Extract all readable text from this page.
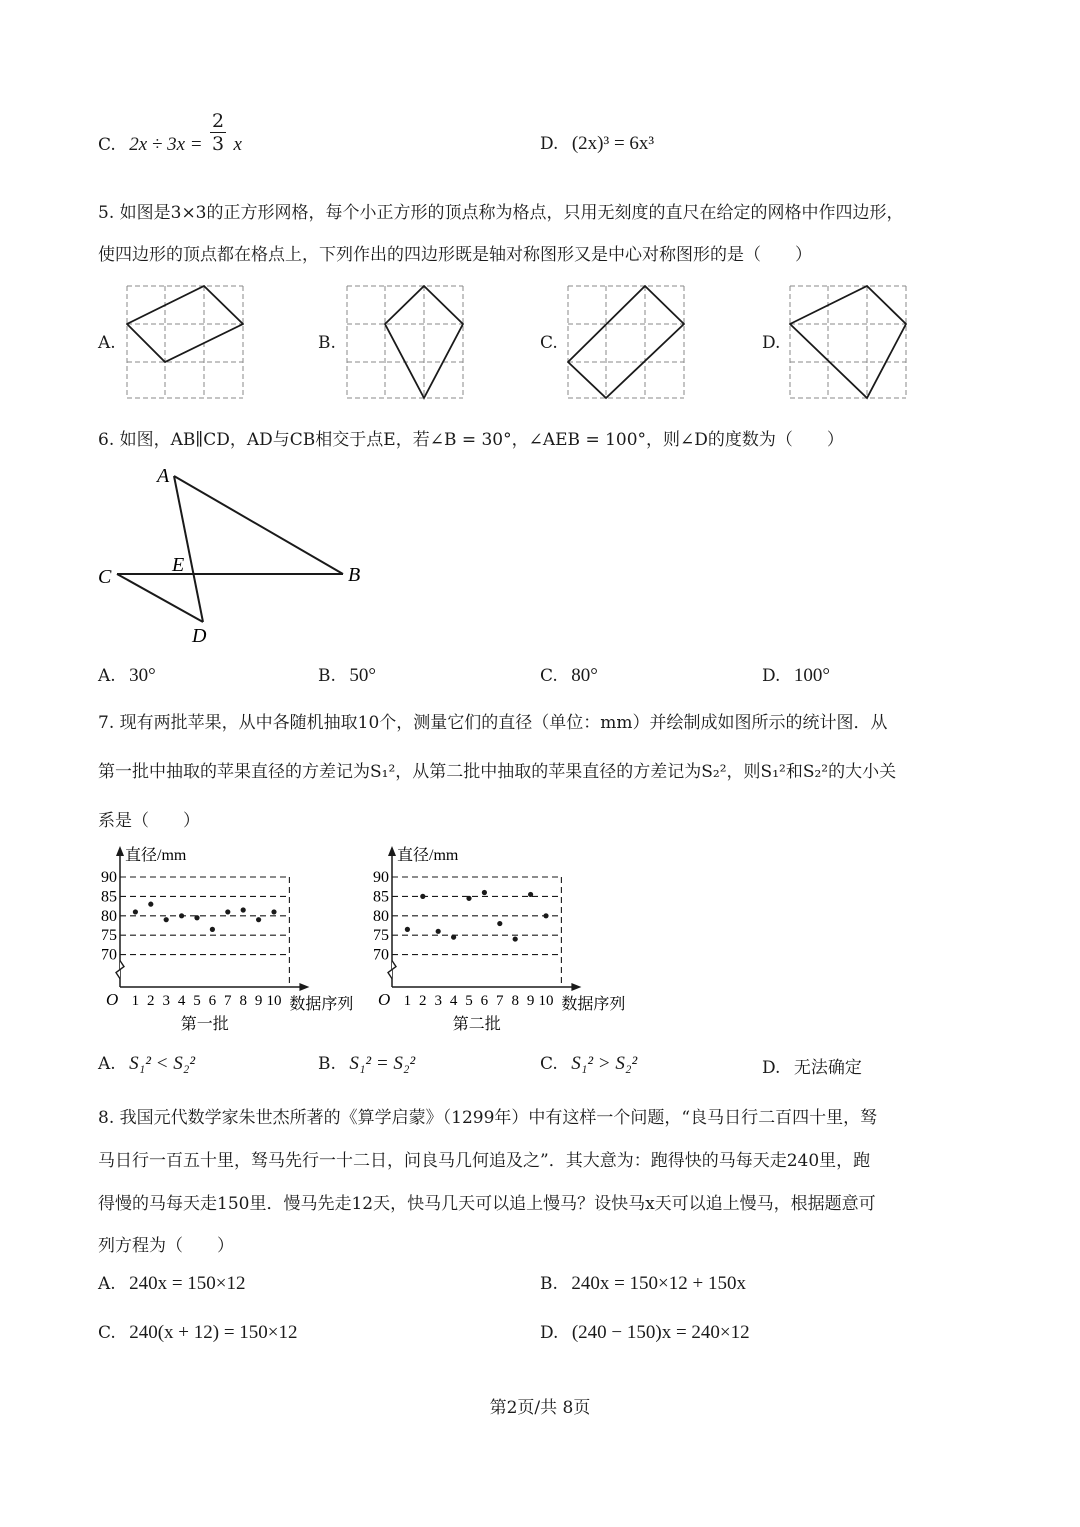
C. $2x \div 3x = \frac{2}{3}$ x	D. (2x)³ = 6x³
5. 如图是3×3的正方形网格，每个小正方形的顶点称为格点，只用无刻度的直尺在给定的网格中作四边形，
使四边形的顶点都在格点上，下列作出的四边形既是轴对称图形又是中心对称图形的是（　　）
A.	B.	C.	D.
6. 如图，AB∥CD，AD与CB相交于点E，若∠B = 30°，∠AEB = 100°，则∠D的度数为（　　）
A
E
C	B
D
A. 30°	B. 50°	C. 80°	D. 100°
7. 现有两批苹果，从中各随机抽取10个，测量它们的直径（单位：mm）并绘制成如图所示的统计图．从
第一批中抽取的苹果直径的方差记为S₁²，从第二批中抽取的苹果直径的方差记为S₂²，则S₁²和S₂²的大小关
系是（　　）
90
85
80
75
70
1 2 3 4 5 6 7 8 9 10
O
直径/mm
数据序列
第一批
90
85
80
75
70
1 2 3 4 5 6 7 8 9 10
O
直径/mm
数据序列
第二批
A. S₁² < S₂²	B. S₁² = S₂²	C. S₁² > S₂²	D. 无法确定
8. 我国元代数学家朱世杰所著的《算学启蒙》（1299年）中有这样一个问题，“良马日行二百四十里，驽
马日行一百五十里，驽马先行一十二日，问良马几何追及之”．其大意为：跑得快的马每天走240里，跑
得慢的马每天走150里．慢马先走12天，快马几天可以追上慢马？设快马x天可以追上慢马，根据题意可
列方程为（　　）
A. 240x = 150×12	B. 240x = 150×12 + 150x
C. 240(x + 12) = 150×12	D. (240 − 150)x = 240×12
第2页/共 8页
